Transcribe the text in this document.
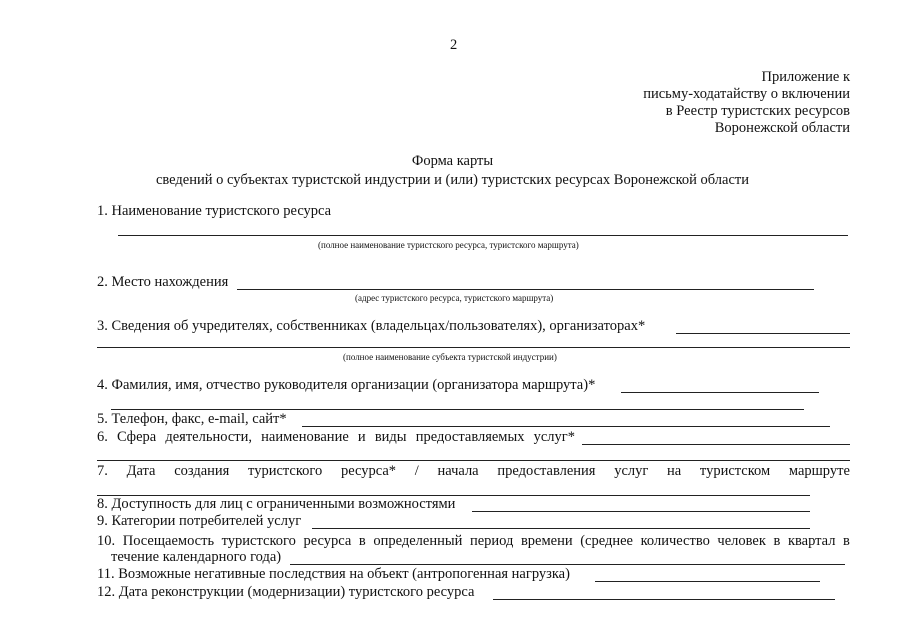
2
Приложение к
письму-ходатайству о включении
в Реестр туристских ресурсов
Воронежской области
Форма карты
сведений о субъектах туристской индустрии и (или) туристских ресурсах Воронежской области
1. Наименование туристского ресурса
(полное наименование туристского ресурса, туристского маршрута)
2. Место нахождения
(адрес туристского ресурса, туристского маршрута)
3. Сведения об учредителях, собственниках (владельцах/пользователях), организаторах*
(полное наименование субъекта туристской индустрии)
4. Фамилия, имя, отчество руководителя организации (организатора маршрута)*
5. Телефон, факс, e-mail, сайт*
6. Сфера деятельности, наименование и виды предоставляемых услуг*
7. Дата создания туристского ресурса* / начала предоставления услуг на туристском маршруте
8. Доступность для лиц с ограниченными возможностями
9. Категории потребителей услуг
10. Посещаемость туристского ресурса в определенный период времени (среднее количество человек в квартал в
течение календарного года)
11. Возможные негативные последствия на объект (антропогенная нагрузка)
12. Дата реконструкции (модернизации) туристского ресурса
